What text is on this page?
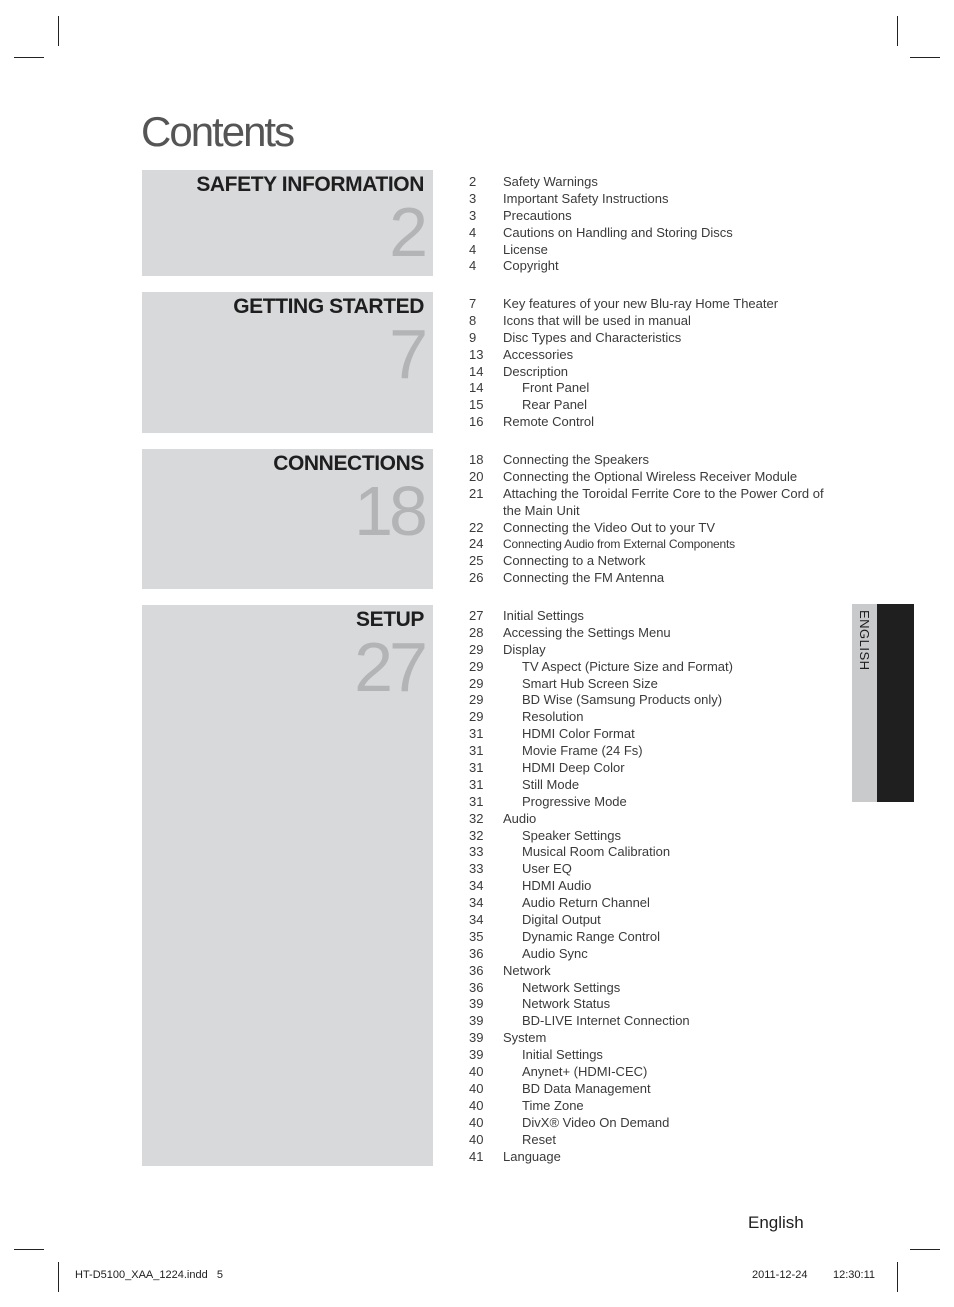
Contents
SAFETY INFORMATION
2
GETTING STARTED
7
CONNECTIONS
18
SETUP
27
2	Safety Warnings
3	Important Safety Instructions
3	Precautions
4	Cautions on Handling and Storing Discs
4	License
4	Copyright
7	Key features of your new Blu-ray Home Theater
8	Icons that will be used in manual
9	Disc Types and Characteristics
13	Accessories
14	Description
14	Front Panel
15	Rear Panel
16	Remote Control
18	Connecting the Speakers
20	Connecting the Optional Wireless Receiver Module
21	Attaching the Toroidal Ferrite Core to the Power Cord of the Main Unit
22	Connecting the Video Out to your TV
24	Connecting Audio from External Components
25	Connecting to a Network
26	Connecting the FM Antenna
27	Initial Settings
28	Accessing the Settings Menu
29	Display
29	TV Aspect (Picture Size and Format)
29	Smart Hub Screen Size
29	BD Wise (Samsung Products only)
29	Resolution
31	HDMI Color Format
31	Movie Frame (24 Fs)
31	HDMI Deep Color
31	Still Mode
31	Progressive Mode
32	Audio
32	Speaker Settings
33	Musical Room Calibration
33	User EQ
34	HDMI Audio
34	Audio Return Channel
34	Digital Output
35	Dynamic Range Control
36	Audio Sync
36	Network
36	Network Settings
39	Network Status
39	BD-LIVE Internet Connection
39	System
39	Initial Settings
40	Anynet+ (HDMI-CEC)
40	BD Data Management
40	Time Zone
40	DivX® Video On Demand
40	Reset
41	Language
ENGLISH
English
HT-D5100_XAA_1224.indd   5	2011-12-24 12:30:11
